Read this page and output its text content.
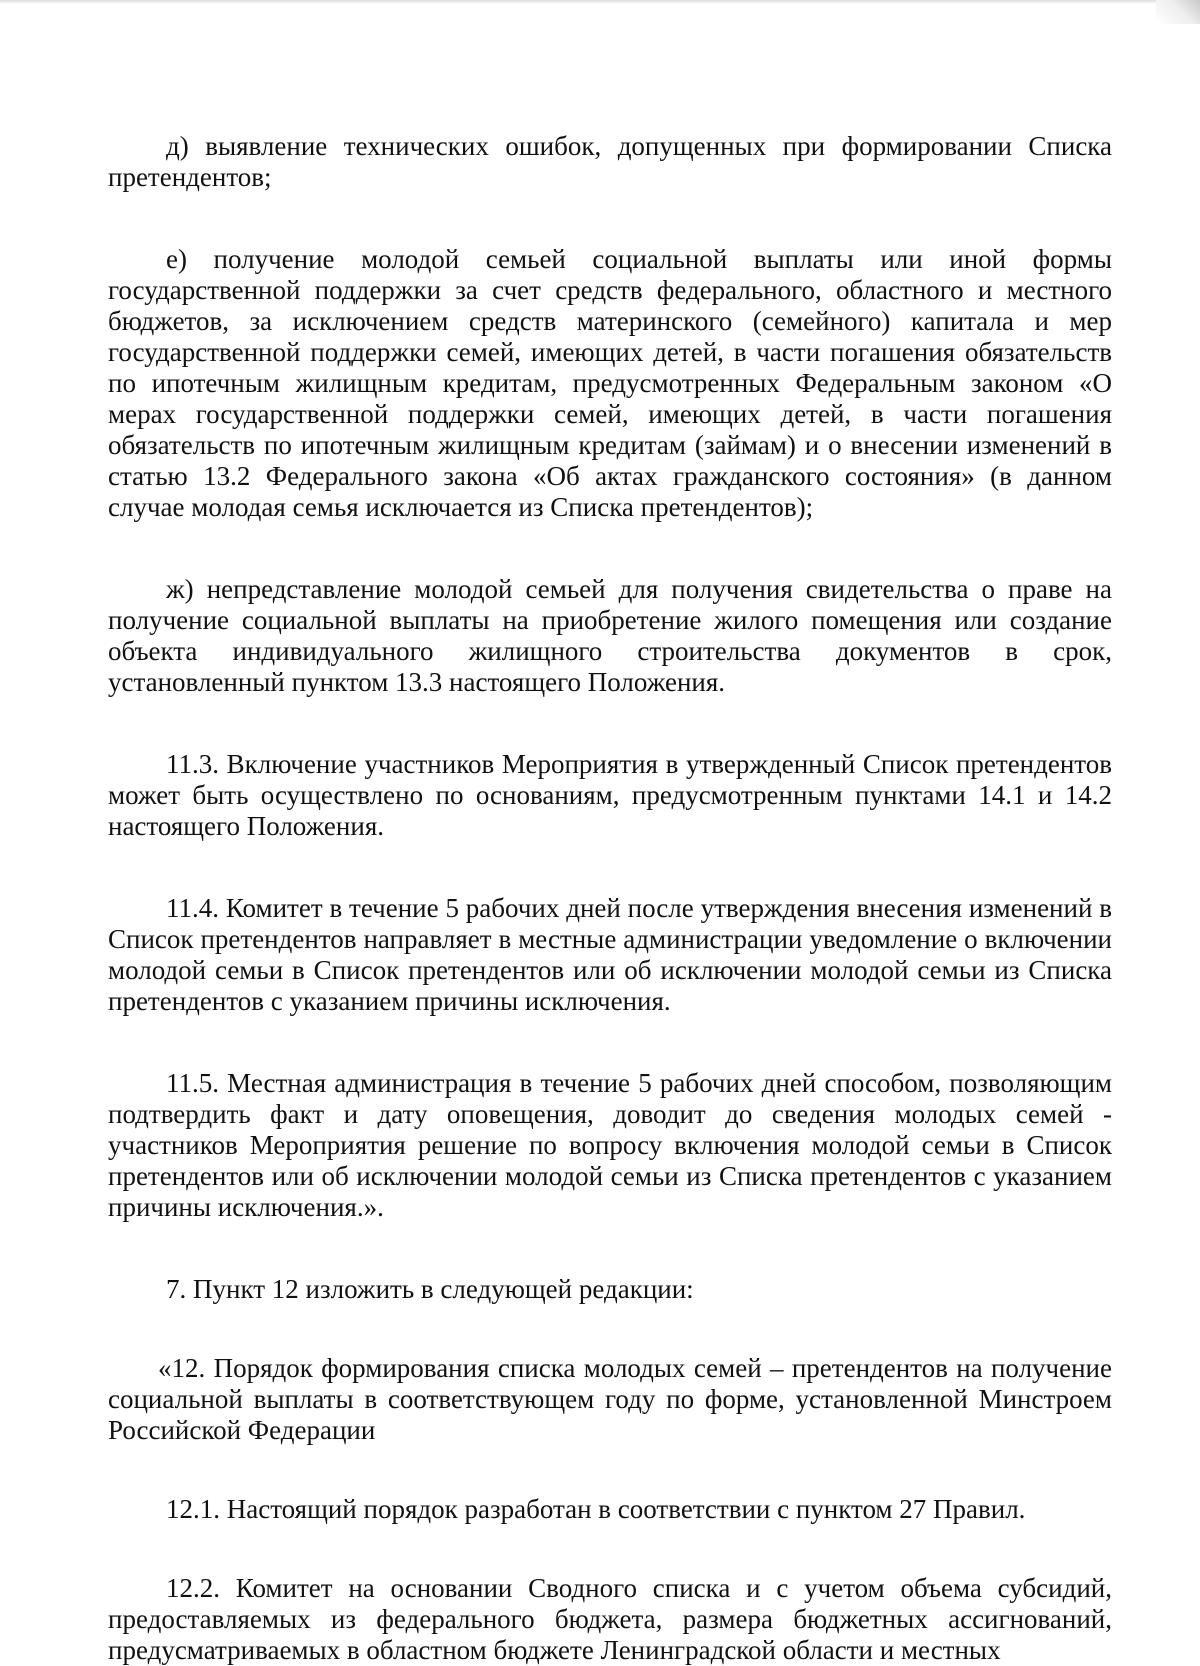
д) выявление технических ошибок, допущенных при формировании Списка претендентов;

е) получение молодой семьей социальной выплаты или иной формы государственной поддержки за счет средств федерального, областного и местного бюджетов, за исключением средств материнского (семейного) капитала и мер государственной поддержки семей, имеющих детей, в части погашения обязательств по ипотечным жилищным кредитам, предусмотренных Федеральным законом «О мерах государственной поддержки семей, имеющих детей, в части погашения обязательств по ипотечным жилищным кредитам (займам) и о внесении изменений в статью 13.2 Федерального закона «Об актах гражданского состояния» (в данном случае молодая семья исключается из Списка претендентов);

ж) непредставление молодой семьей для получения свидетельства о праве на получение социальной выплаты на приобретение жилого помещения или создание объекта индивидуального жилищного строительства документов в срок, установленный пунктом 13.3 настоящего Положения.

11.3. Включение участников Мероприятия в утвержденный Список претендентов может быть осуществлено по основаниям, предусмотренным пунктами 14.1 и 14.2 настоящего Положения.

11.4. Комитет в течение 5 рабочих дней после утверждения внесения изменений в Список претендентов направляет в местные администрации уведомление о включении молодой семьи в Список претендентов или об исключении молодой семьи из Списка претендентов с указанием причины исключения.

11.5. Местная администрация в течение 5 рабочих дней способом, позволяющим подтвердить факт и дату оповещения, доводит до сведения молодых семей - участников Мероприятия решение по вопросу включения молодой семьи в Список претендентов или об исключении молодой семьи из Списка претендентов с указанием причины исключения.».

7. Пункт 12 изложить в следующей редакции:

«12. Порядок формирования списка молодых семей – претендентов на получение социальной выплаты в соответствующем году по форме, установленной Минстроем Российской Федерации

12.1. Настоящий порядок разработан в соответствии с пунктом 27 Правил.

12.2. Комитет на основании Сводного списка и с учетом объема субсидий, предоставляемых из федерального бюджета, размера бюджетных ассигнований, предусматриваемых в областном бюджете Ленинградской области и местных
